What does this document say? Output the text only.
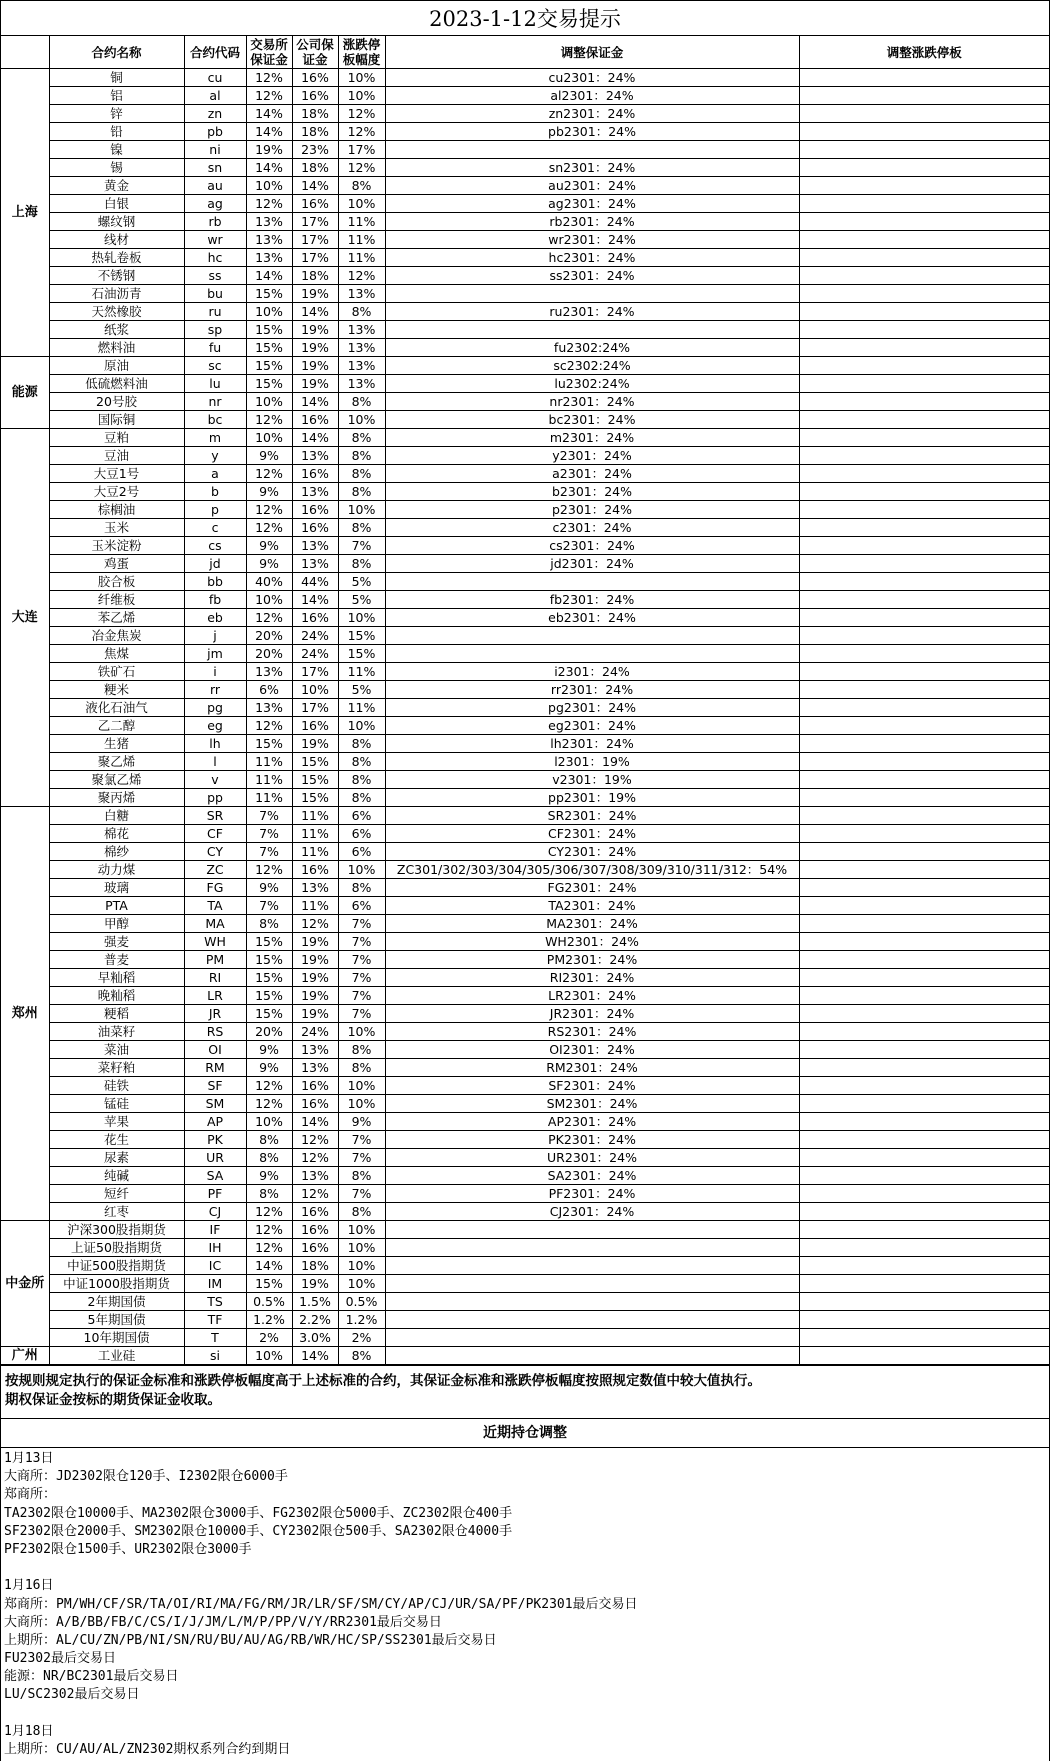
2023-1-12交易提示
	合约名称	合约代码	交易所保证金	公司保证金	涨跌停板幅度	调整保证金	调整涨跌停板
上海	铜	cu	12%	16%	10%	cu2301：24%	
	铝	al	12%	16%	10%	al2301：24%	
	锌	zn	14%	18%	12%	zn2301：24%	
	铅	pb	14%	18%	12%	pb2301：24%	
	镍	ni	19%	23%	17%		
	锡	sn	14%	18%	12%	sn2301：24%	
	黄金	au	10%	14%	8%	au2301：24%	
	白银	ag	12%	16%	10%	ag2301：24%	
	螺纹钢	rb	13%	17%	11%	rb2301：24%	
	线材	wr	13%	17%	11%	wr2301：24%	
	热轧卷板	hc	13%	17%	11%	hc2301：24%	
	不锈钢	ss	14%	18%	12%	ss2301：24%	
	石油沥青	bu	15%	19%	13%		
	天然橡胶	ru	10%	14%	8%	ru2301：24%	
	纸浆	sp	15%	19%	13%		
	燃料油	fu	15%	19%	13%	fu2302:24%	
能源	原油	sc	15%	19%	13%	sc2302:24%	
	低硫燃料油	lu	15%	19%	13%	lu2302:24%	
	20号胶	nr	10%	14%	8%	nr2301：24%	
	国际铜	bc	12%	16%	10%	bc2301：24%	
大连	豆粕	m	10%	14%	8%	m2301：24%	
	豆油	y	9%	13%	8%	y2301：24%	
	大豆1号	a	12%	16%	8%	a2301：24%	
	大豆2号	b	9%	13%	8%	b2301：24%	
	棕榈油	p	12%	16%	10%	p2301：24%	
	玉米	c	12%	16%	8%	c2301：24%	
	玉米淀粉	cs	9%	13%	7%	cs2301：24%	
	鸡蛋	jd	9%	13%	8%	jd2301：24%	
	胶合板	bb	40%	44%	5%		
	纤维板	fb	10%	14%	5%	fb2301：24%	
	苯乙烯	eb	12%	16%	10%	eb2301：24%	
	冶金焦炭	j	20%	24%	15%		
	焦煤	jm	20%	24%	15%		
	铁矿石	i	13%	17%	11%	i2301：24%	
	粳米	rr	6%	10%	5%	rr2301：24%	
	液化石油气	pg	13%	17%	11%	pg2301：24%	
	乙二醇	eg	12%	16%	10%	eg2301：24%	
	生猪	lh	15%	19%	8%	lh2301：24%	
	聚乙烯	l	11%	15%	8%	l2301：19%	
	聚氯乙烯	v	11%	15%	8%	v2301：19%	
	聚丙烯	pp	11%	15%	8%	pp2301：19%	
郑州	白糖	SR	7%	11%	6%	SR2301：24%	
	棉花	CF	7%	11%	6%	CF2301：24%	
	棉纱	CY	7%	11%	6%	CY2301：24%	
	动力煤	ZC	12%	16%	10%	ZC301/302/303/304/305/306/307/308/309/310/311/312：54%	
	玻璃	FG	9%	13%	8%	FG2301：24%	
	PTA	TA	7%	11%	6%	TA2301：24%	
	甲醇	MA	8%	12%	7%	MA2301：24%	
	强麦	WH	15%	19%	7%	WH2301：24%	
	普麦	PM	15%	19%	7%	PM2301：24%	
	早籼稻	RI	15%	19%	7%	RI2301：24%	
	晚籼稻	LR	15%	19%	7%	LR2301：24%	
	粳稻	JR	15%	19%	7%	JR2301：24%	
	油菜籽	RS	20%	24%	10%	RS2301：24%	
	菜油	OI	9%	13%	8%	OI2301：24%	
	菜籽粕	RM	9%	13%	8%	RM2301：24%	
	硅铁	SF	12%	16%	10%	SF2301：24%	
	锰硅	SM	12%	16%	10%	SM2301：24%	
	苹果	AP	10%	14%	9%	AP2301：24%	
	花生	PK	8%	12%	7%	PK2301：24%	
	尿素	UR	8%	12%	7%	UR2301：24%	
	纯碱	SA	9%	13%	8%	SA2301：24%	
	短纤	PF	8%	12%	7%	PF2301：24%	
	红枣	CJ	12%	16%	8%	CJ2301：24%	
中金所	沪深300股指期货	IF	12%	16%	10%		
	上证50股指期货	IH	12%	16%	10%		
	中证500股指期货	IC	14%	18%	10%		
	中证1000股指期货	IM	15%	19%	10%		
	2年期国债	TS	0.5%	1.5%	0.5%		
	5年期国债	TF	1.2%	2.2%	1.2%		
	10年期国债	T	2%	3.0%	2%		
广州	工业硅	si	10%	14%	8%		
按规则规定执行的保证金标准和涨跌停板幅度高于上述标准的合约，其保证金标准和涨跌停板幅度按照规定数值中较大值执行。
期权保证金按标的期货保证金收取。
近期持仓调整
1月13日
大商所：JD2302限仓120手、I2302限仓6000手
郑商所：
TA2302限仓10000手、MA2302限仓3000手、FG2302限仓5000手、ZC2302限仓400手
SF2302限仓2000手、SM2302限仓10000手、CY2302限仓500手、SA2302限仓4000手
PF2302限仓1500手、UR2302限仓3000手
1月16日
郑商所：PM/WH/CF/SR/TA/OI/RI/MA/FG/RM/JR/LR/SF/SM/CY/AP/CJ/UR/SA/PF/PK2301最后交易日
大商所：A/B/BB/FB/C/CS/I/J/JM/L/M/P/PP/V/Y/RR2301最后交易日
上期所：AL/CU/ZN/PB/NI/SN/RU/BU/AU/AG/RB/WR/HC/SP/SS2301最后交易日
FU2302最后交易日
能源：NR/BC2301最后交易日
LU/SC2302最后交易日
1月18日
上期所：CU/AU/AL/ZN2302期权系列合约到期日
